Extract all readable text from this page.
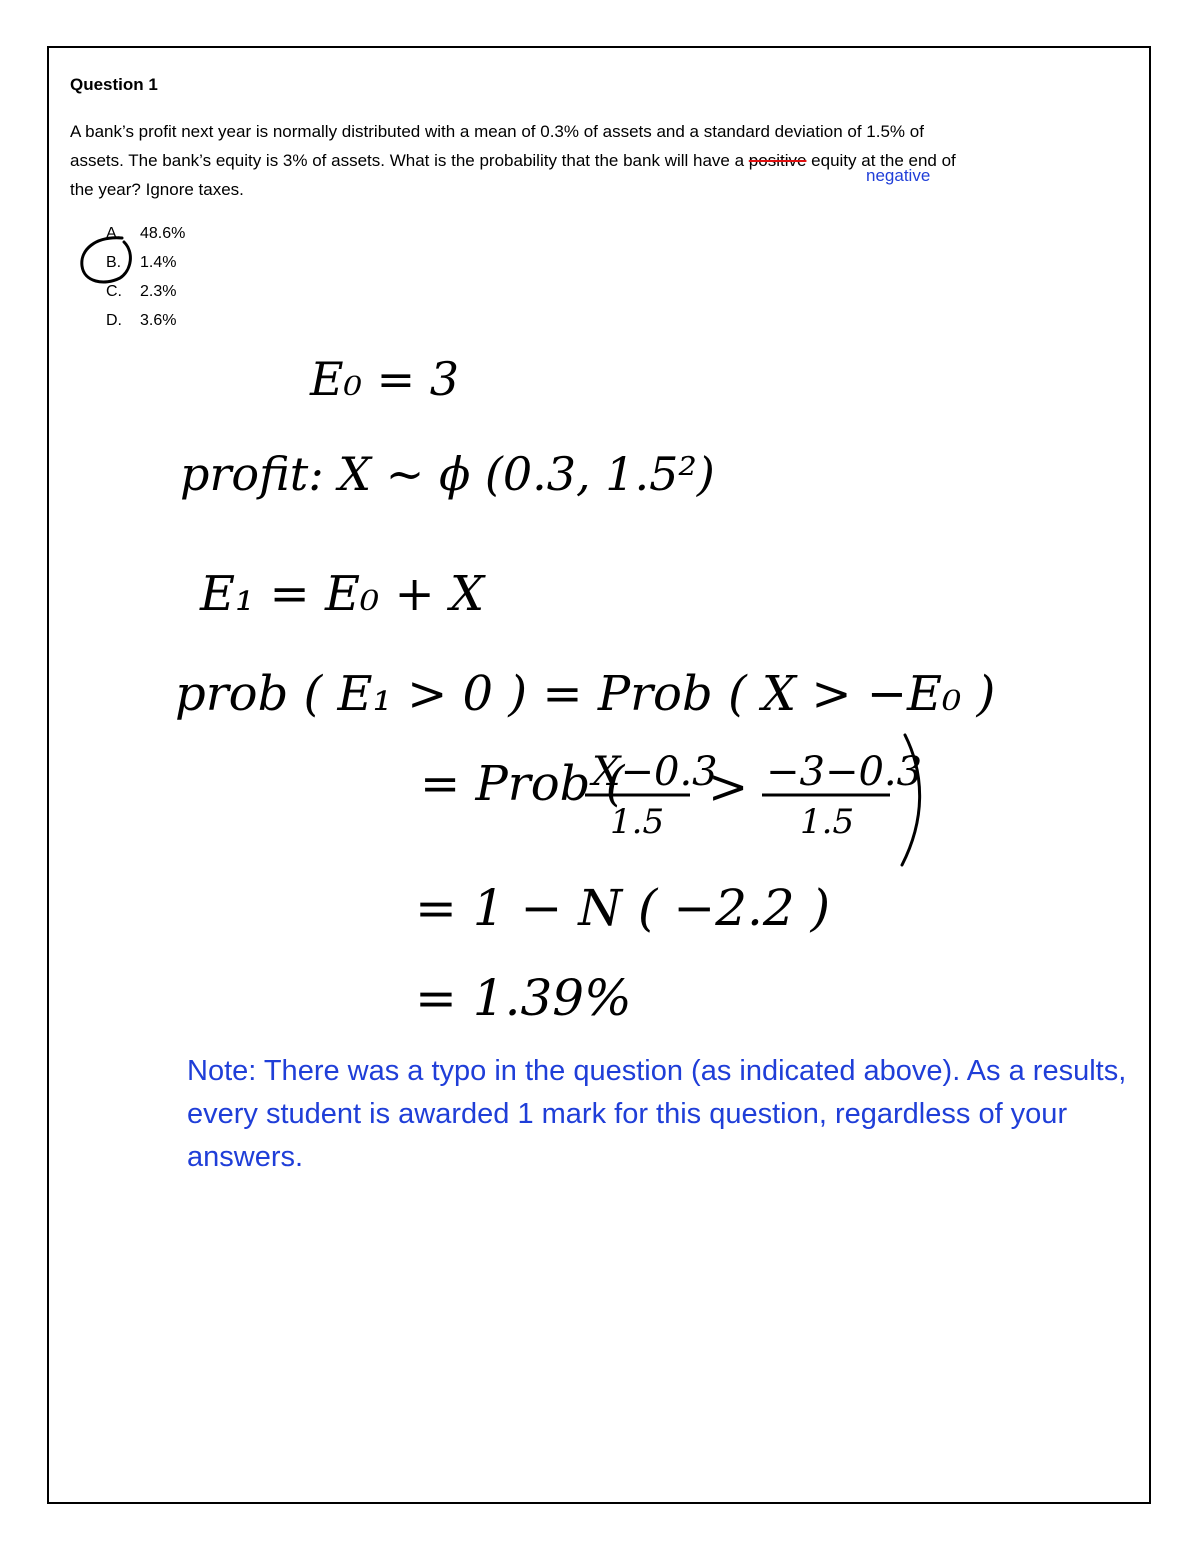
Question 1
A bank’s profit next year is normally distributed with a mean of 0.3% of assets and a standard deviation of 1.5% of
assets. The bank’s equity is 3% of assets. What is the probability that the bank will have a positive equity at the end of
the year? Ignore taxes.
negative
A. 48.6%
B. 1.4%
C. 2.3%
D. 3.6%
E₀ = 3
profit: X ~ ϕ (0.3, 1.5²)
E₁ = E₀ + X
prob ( E₁ > 0 ) = Prob ( X > −E₀ )
= Prob (
X−0.3
1.5
> −3−0.3
1.5
= 1 − N ( −2.2 )
= 1.39%
Note: There was a typo in the question (as indicated above). As a results, every student is awarded 1 mark for this question, regardless of your answers.
